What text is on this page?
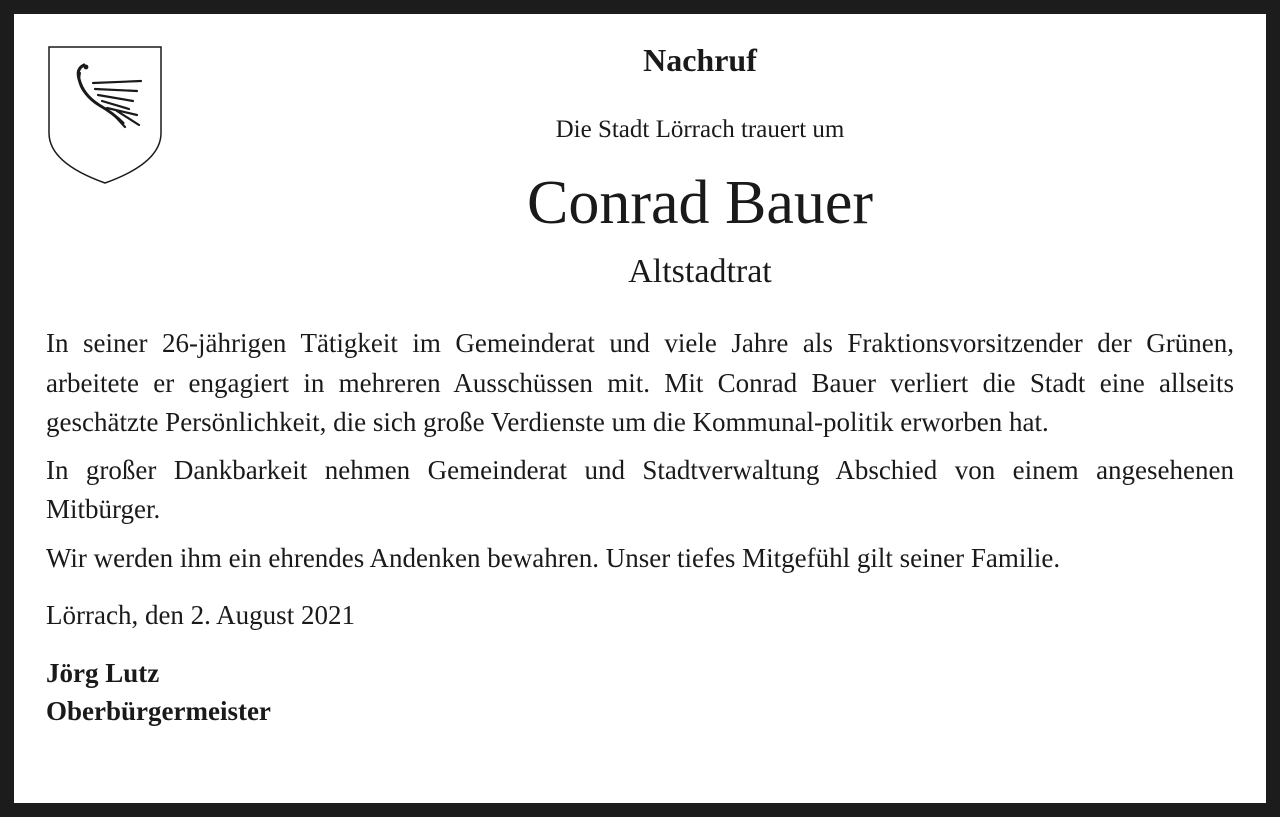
Nachruf
Die Stadt Lörrach trauert um
Conrad Bauer
Altstadtrat

In seiner 26-jährigen Tätigkeit im Gemeinderat und viele Jahre als Fraktionsvorsitzender der Grünen, arbeitete er engagiert in mehreren Ausschüssen mit. Mit Conrad Bauer verliert die Stadt eine allseits geschätzte Persönlichkeit, die sich große Verdienste um die Kommunal-politik erworben hat.

In großer Dankbarkeit nehmen Gemeinderat und Stadtverwaltung Abschied von einem angesehenen Mitbürger.

Wir werden ihm ein ehrendes Andenken bewahren. Unser tiefes Mitgefühl gilt seiner Familie.

Lörrach, den 2. August 2021

Jörg Lutz
Oberbürgermeister
